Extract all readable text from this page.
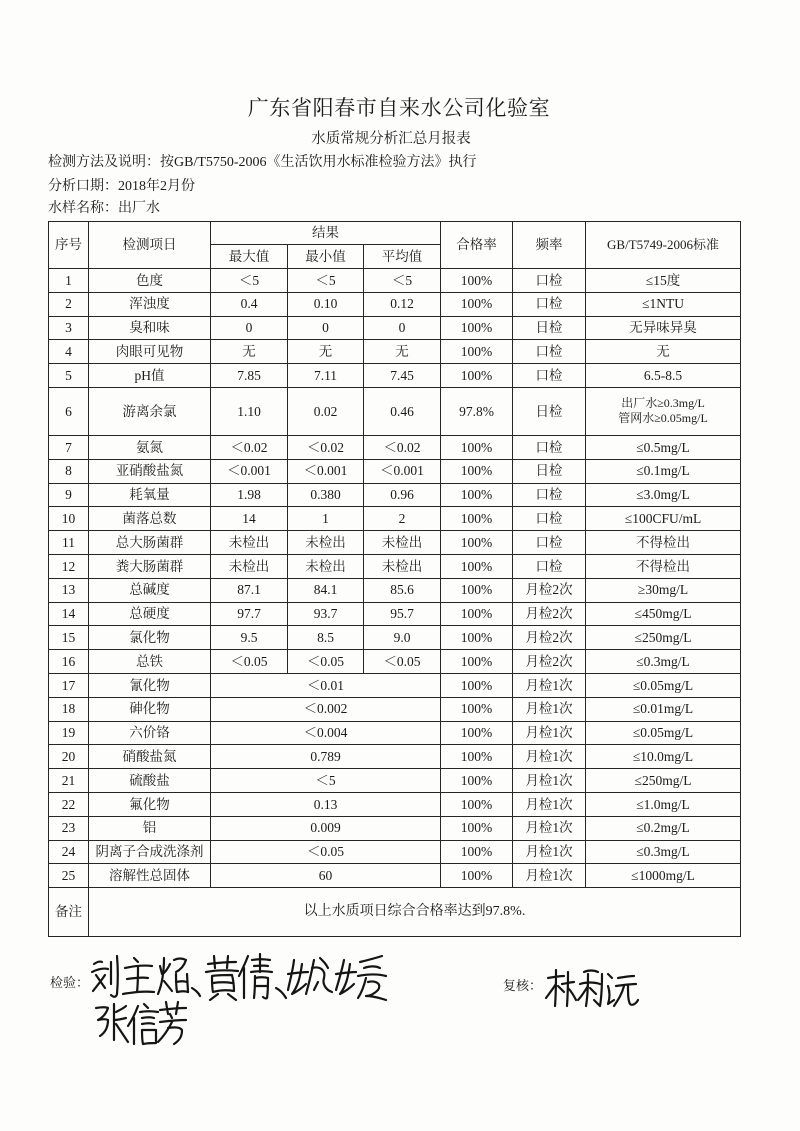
广东省阳春市自来水公司化验室
水质常规分析汇总月报表
检测方法及说明：按GB/T5750-2006《生活饮用水标准检验方法》执行
分析口期：2018年2月份
水样名称：出厂水
序号	检测项日	结果			合格率	频率	GB/T5749-2006标准
		最大值	最小值	平均值			
1	色度	＜5	＜5	＜5	100%	口检	≤15度
2	浑浊度	0.4	0.10	0.12	100%	口检	≤1NTU
3	臭和味	0	0	0	100%	日检	无异味异臭
4	肉眼可见物	无	无	无	100%	口检	无
5	pH值	7.85	7.11	7.45	100%	口检	6.5-8.5
6	游离余氯	1.10	0.02	0.46	97.8%	日检	出厂水≥0.3mg/L
管网水≥0.05mg/L

7	氨氮	＜0.02	＜0.02	＜0.02	100%	口检	≤0.5mg/L
8	亚硝酸盐氮	＜0.001	＜0.001	＜0.001	100%	日检	≤0.1mg/L
9	耗氧量	1.98	0.380	0.96	100%	口检	≤3.0mg/L
10	菌落总数	14	1	2	100%	口检	≤100CFU/mL
11	总大肠菌群	未检出	未检出	未检出	100%	口检	不得检出
12	粪大肠菌群	未检出	未检出	未检出	100%	口检	不得检出
13	总碱度	87.1	84.1	85.6	100%	月检2次	≥30mg/L
14	总硬度	97.7	93.7	95.7	100%	月检2次	≤450mg/L
15	氯化物	9.5	8.5	9.0	100%	月检2次	≤250mg/L
16	总铁	＜0.05	＜0.05	＜0.05	100%	月检2次	≤0.3mg/L
17	氰化物	＜0.01			100%	月检1次	≤0.05mg/L
18	砷化物	＜0.002			100%	月检1次	≤0.01mg/L
19	六价铬	＜0.004			100%	月检1次	≤0.05mg/L
20	硝酸盐氮	0.789			100%	月检1次	≤10.0mg/L
21	硫酸盐	＜5			100%	月检1次	≤250mg/L
22	氟化物	0.13			100%	月检1次	≤1.0mg/L
23	铝	0.009			100%	月检1次	≤0.2mg/L
24	阴离子合成洗涤剂	＜0.05			100%	月检1次	≤0.3mg/L
25	溶解性总固体	60			100%	月检1次	≤1000mg/L
备注	以上水质项日综合合格率达到97.8%.						
检验：	复核：
